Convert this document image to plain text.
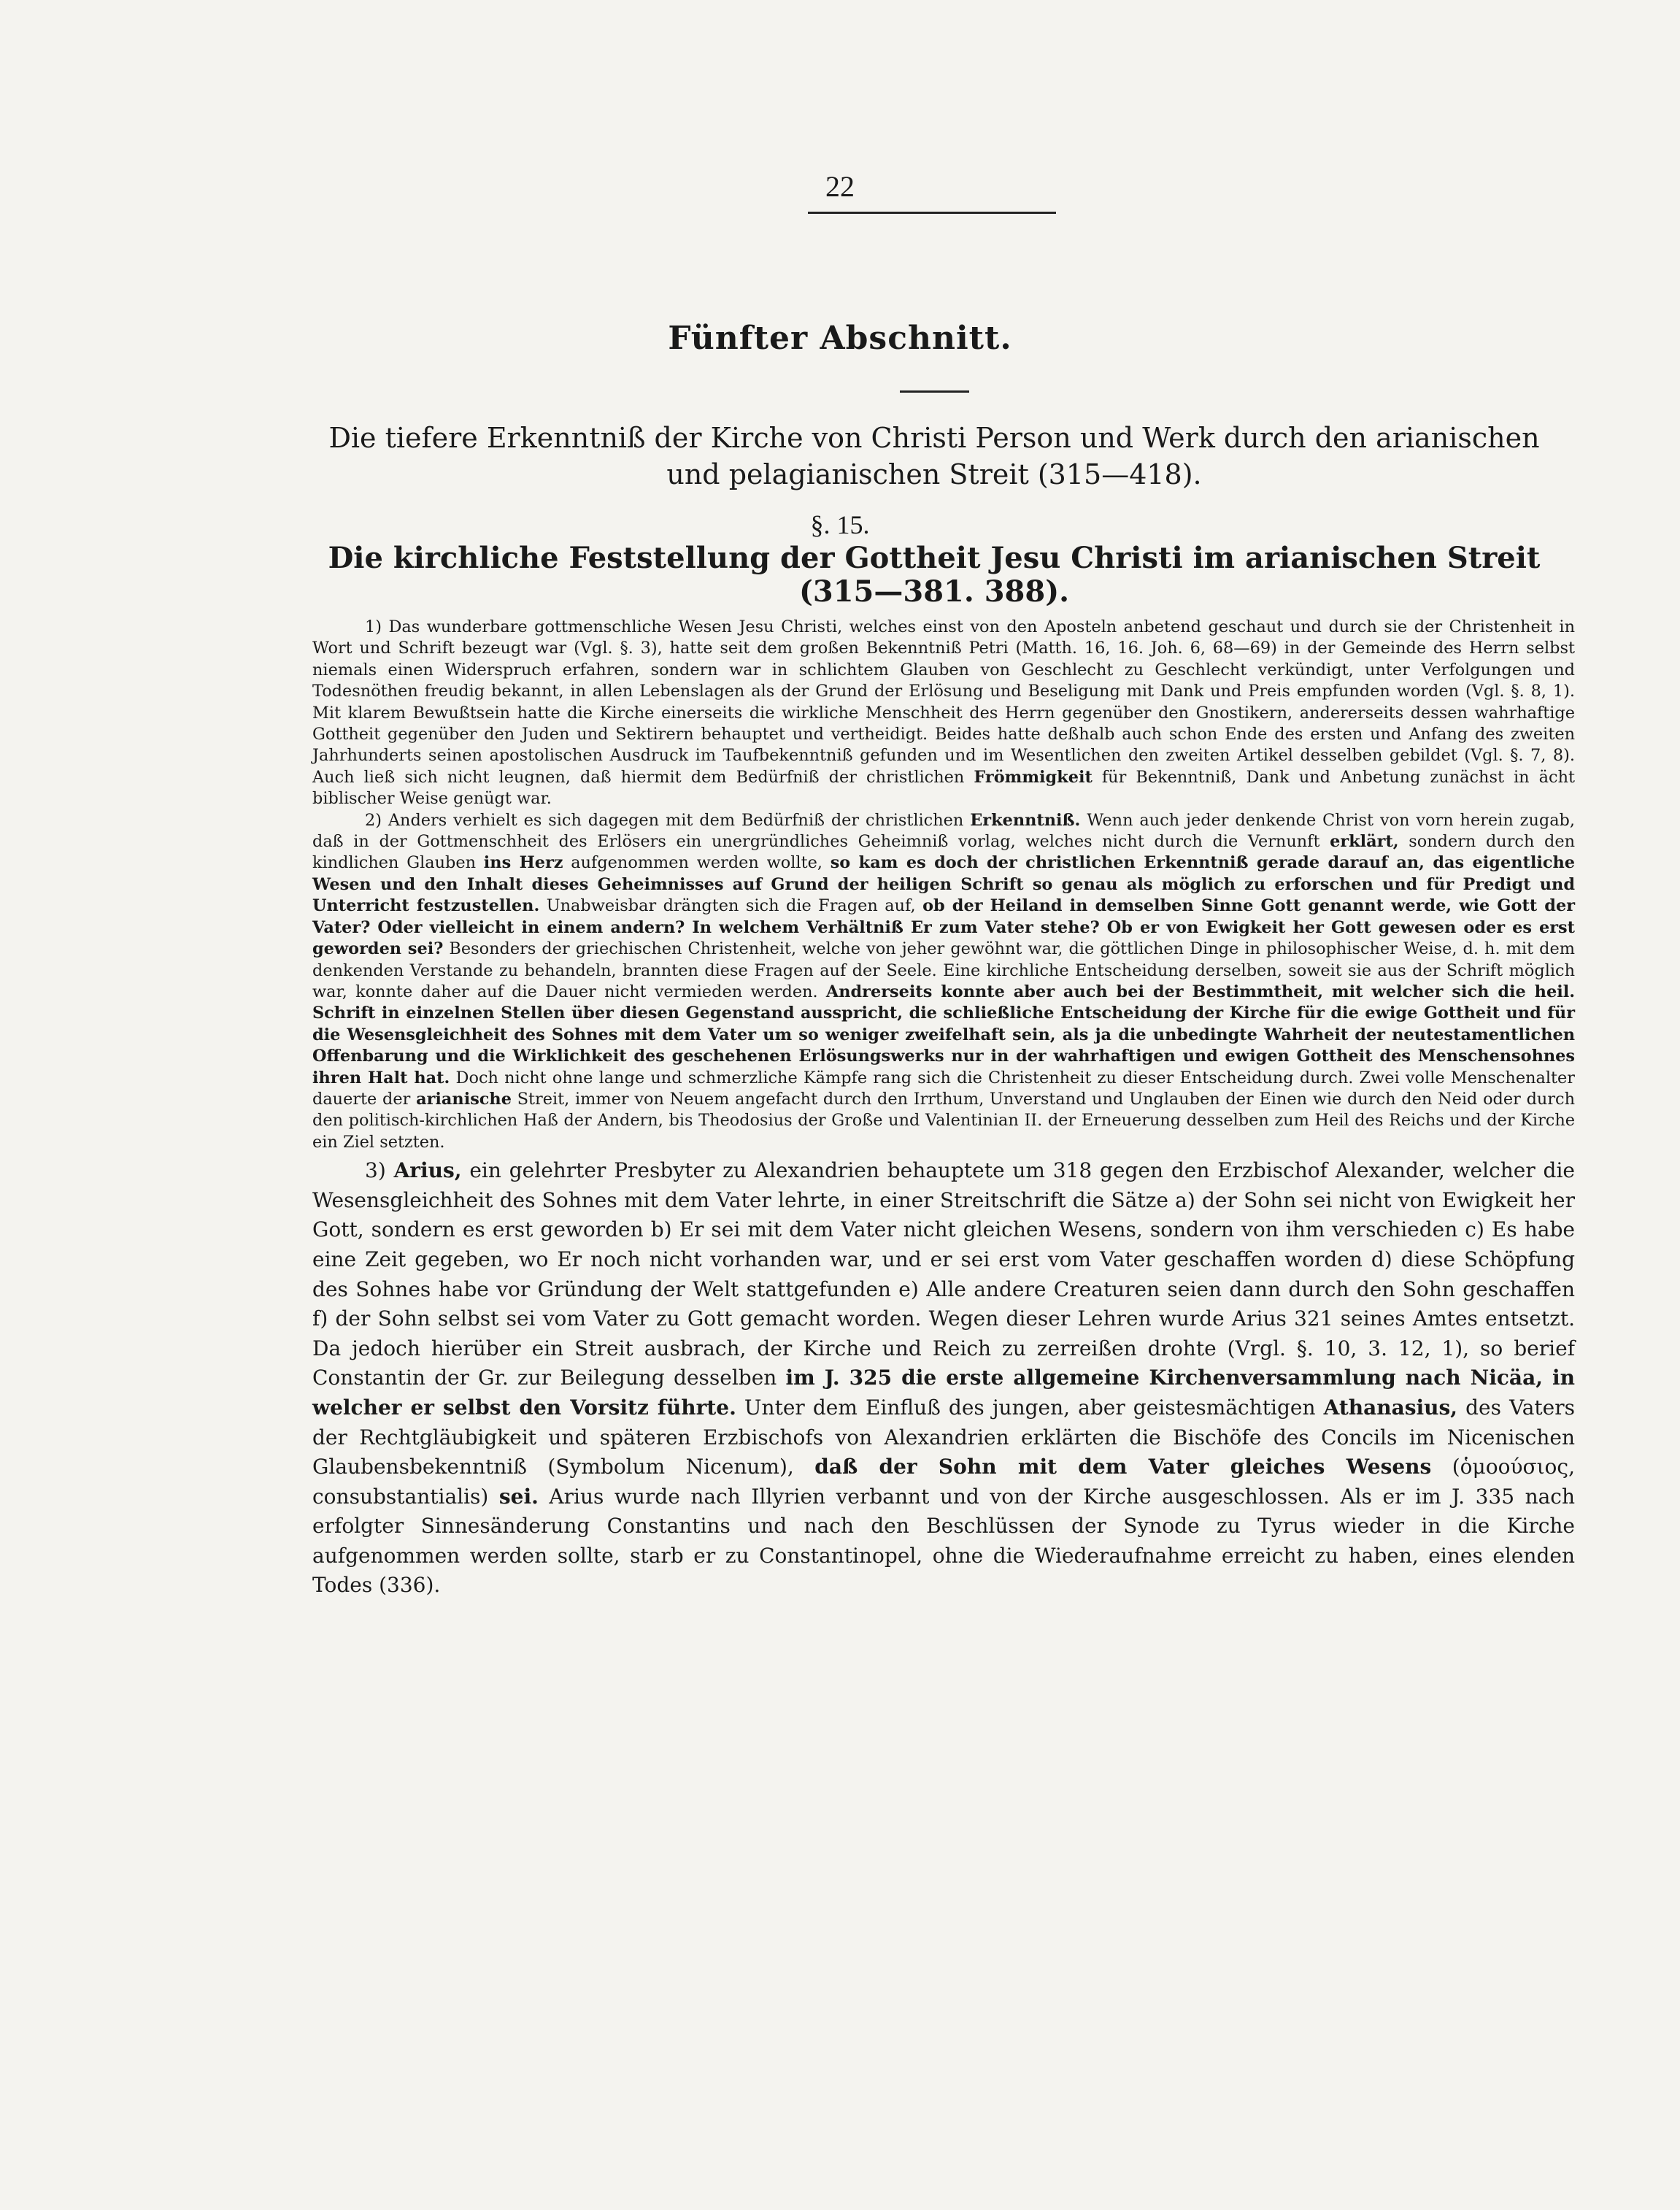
22
Fünfter Abschnitt.
Die tiefere Erkenntniß der Kirche von Christi Person und Werk durch den arianischen und pelagianischen Streit (315—418).
§. 15.
Die kirchliche Feststellung der Gottheit Jesu Christi im arianischen Streit (315—381. 388).

1) Das wunderbare gottmenschliche Wesen Jesu Christi, welches einst von den Aposteln anbetend geschaut und durch sie der Christenheit in Wort und Schrift bezeugt war (Vgl. §. 3), hatte seit dem großen Bekenntniß Petri (Matth. 16, 16. Joh. 6, 68—69) in der Gemeinde des Herrn selbst niemals einen Widerspruch erfahren, sondern war in schlichtem Glauben von Geschlecht zu Geschlecht verkündigt, unter Verfolgungen und Todesnöthen freudig bekannt, in allen Lebenslagen als der Grund der Erlösung und Beseligung mit Dank und Preis empfunden worden (Vgl. §. 8, 1). Mit klarem Bewußtsein hatte die Kirche einerseits die wirkliche Menschheit des Herrn gegenüber den Gnostikern, andererseits dessen wahrhaftige Gottheit gegenüber den Juden und Sektirern behauptet und vertheidigt. Beides hatte deßhalb auch schon Ende des ersten und Anfang des zweiten Jahrhunderts seinen apostolischen Ausdruck im Taufbekenntniß gefunden und im Wesentlichen den zweiten Artikel desselben gebildet (Vgl. §. 7, 8). Auch ließ sich nicht leugnen, daß hiermit dem Bedürfniß der christlichen Frömmigkeit für Bekenntniß, Dank und Anbetung zunächst in ächt biblischer Weise genügt war.

2) Anders verhielt es sich dagegen mit dem Bedürfniß der christlichen Erkenntniß. Wenn auch jeder denkende Christ von vorn herein zugab, daß in der Gottmenschheit des Erlösers ein unergründliches Geheimniß vorlag, welches nicht durch die Vernunft erklärt, sondern durch den kindlichen Glauben ins Herz aufgenommen werden wollte, so kam es doch der christlichen Erkenntniß gerade darauf an, das eigentliche Wesen und den Inhalt dieses Geheimnisses auf Grund der heiligen Schrift so genau als möglich zu erforschen und für Predigt und Unterricht festzustellen. Unabweisbar drängten sich die Fragen auf, ob der Heiland in demselben Sinne Gott genannt werde, wie Gott der Vater? Oder vielleicht in einem andern? In welchem Verhältniß Er zum Vater stehe? Ob er von Ewigkeit her Gott gewesen oder es erst geworden sei? Besonders der griechischen Christenheit, welche von jeher gewöhnt war, die göttlichen Dinge in philosophischer Weise, d. h. mit dem denkenden Verstande zu behandeln, brannten diese Fragen auf der Seele. Eine kirchliche Entscheidung derselben, soweit sie aus der Schrift möglich war, konnte daher auf die Dauer nicht vermieden werden. Andrerseits konnte aber auch bei der Bestimmtheit, mit welcher sich die heil. Schrift in einzelnen Stellen über diesen Gegenstand ausspricht, die schließliche Entscheidung der Kirche für die ewige Gottheit und für die Wesensgleichheit des Sohnes mit dem Vater um so weniger zweifelhaft sein, als ja die unbedingte Wahrheit der neutestamentlichen Offenbarung und die Wirklichkeit des geschehenen Erlösungswerks nur in der wahrhaftigen und ewigen Gottheit des Menschensohnes ihren Halt hat. Doch nicht ohne lange und schmerzliche Kämpfe rang sich die Christenheit zu dieser Entscheidung durch. Zwei volle Menschenalter dauerte der arianische Streit, immer von Neuem angefacht durch den Irrthum, Unverstand und Unglauben der Einen wie durch den Neid oder durch den politisch-kirchlichen Haß der Andern, bis Theodosius der Große und Valentinian II. der Erneuerung desselben zum Heil des Reichs und der Kirche ein Ziel setzten.

3) Arius, ein gelehrter Presbyter zu Alexandrien behauptete um 318 gegen den Erzbischof Alexander, welcher die Wesensgleichheit des Sohnes mit dem Vater lehrte, in einer Streitschrift die Sätze a) der Sohn sei nicht von Ewigkeit her Gott, sondern es erst geworden b) Er sei mit dem Vater nicht gleichen Wesens, sondern von ihm verschieden c) Es habe eine Zeit gegeben, wo Er noch nicht vorhanden war, und er sei erst vom Vater geschaffen worden d) diese Schöpfung des Sohnes habe vor Gründung der Welt stattgefunden e) Alle andere Creaturen seien dann durch den Sohn geschaffen f) der Sohn selbst sei vom Vater zu Gott gemacht worden. Wegen dieser Lehren wurde Arius 321 seines Amtes entsetzt. Da jedoch hierüber ein Streit ausbrach, der Kirche und Reich zu zerreißen drohte (Vrgl. §. 10, 3. 12, 1), so berief Constantin der Gr. zur Beilegung desselben im J. 325 die erste allgemeine Kirchenversammlung nach Nicäa, in welcher er selbst den Vorsitz führte. Unter dem Einfluß des jungen, aber geistesmächtigen Athanasius, des Vaters der Rechtgläubigkeit und späteren Erzbischofs von Alexandrien erklärten die Bischöfe des Concils im Nicenischen Glaubensbekenntniß (Symbolum Nicenum), daß der Sohn mit dem Vater gleiches Wesens (ὁμοούσιος, consubstantialis) sei. Arius wurde nach Illyrien verbannt und von der Kirche ausgeschlossen. Als er im J. 335 nach erfolgter Sinnesänderung Constantins und nach den Beschlüssen der Synode zu Tyrus wieder in die Kirche aufgenommen werden sollte, starb er zu Constantinopel, ohne die Wiederaufnahme erreicht zu haben, eines elenden Todes (336).
